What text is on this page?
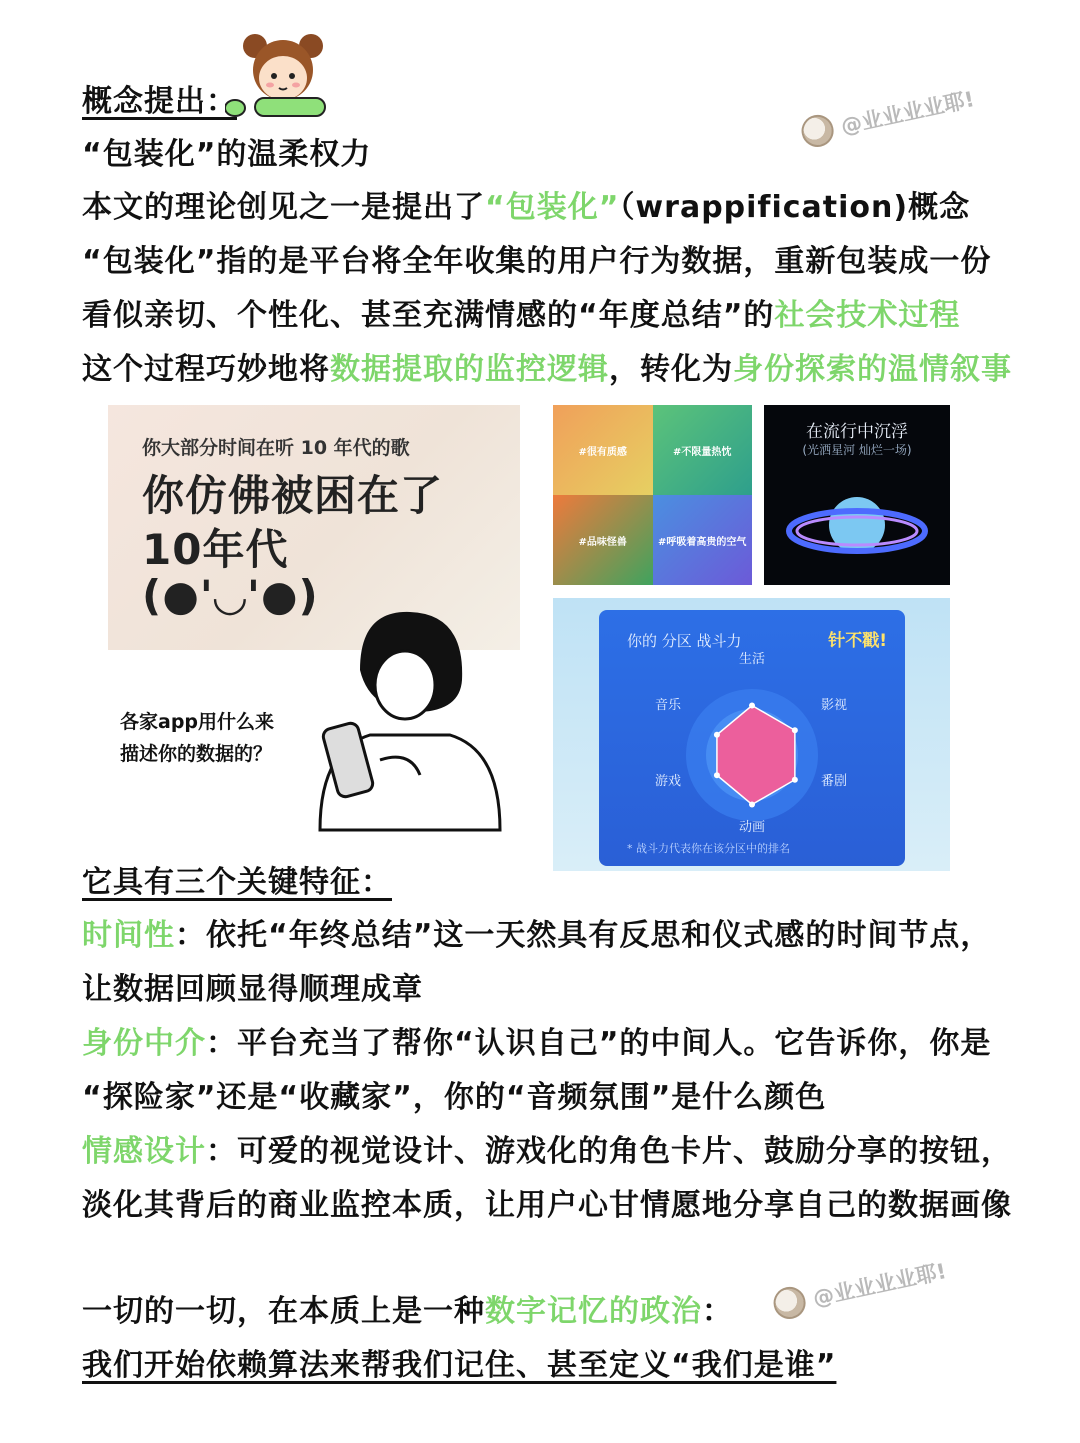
@业业业业耶!
概念提出：
“包装化”的温柔权力
本文的理论创见之一是提出了“包装化”（wrappification)概念
“包装化”指的是平台将全年收集的用户行为数据，重新包装成一份
看似亲切、个性化、甚至充满情感的“年度总结”的社会技术过程
这个过程巧妙地将数据提取的监控逻辑，转化为身份探索的温情叙事
你大部分时间在听 10 年代的歌
你仿佛被困在了
10年代
(●'◡'●)
#很有质感	#不限量热忱
#品味怪兽	#呼吸着高贵的空气
在流行中沉浮
(光洒星河 灿烂一场)
你的 分区 战斗力	针不戳!
生活
影视
番剧
动画
游戏
音乐
* 战斗力代表你在该分区中的排名
各家app用什么来
描述你的数据的？
它具有三个关键特征：
时间性：依托“年终总结”这一天然具有反思和仪式感的时间节点，
让数据回顾显得顺理成章
身份中介：平台充当了帮你“认识自己”的中间人。它告诉你，你是
“探险家”还是“收藏家”，你的“音频氛围”是什么颜色
情感设计：可爱的视觉设计、游戏化的角色卡片、鼓励分享的按钮，
淡化其背后的商业监控本质，让用户心甘情愿地分享自己的数据画像
@业业业业耶!
一切的一切，在本质上是一种数字记忆的政治：
我们开始依赖算法来帮我们记住、甚至定义“我们是谁”
